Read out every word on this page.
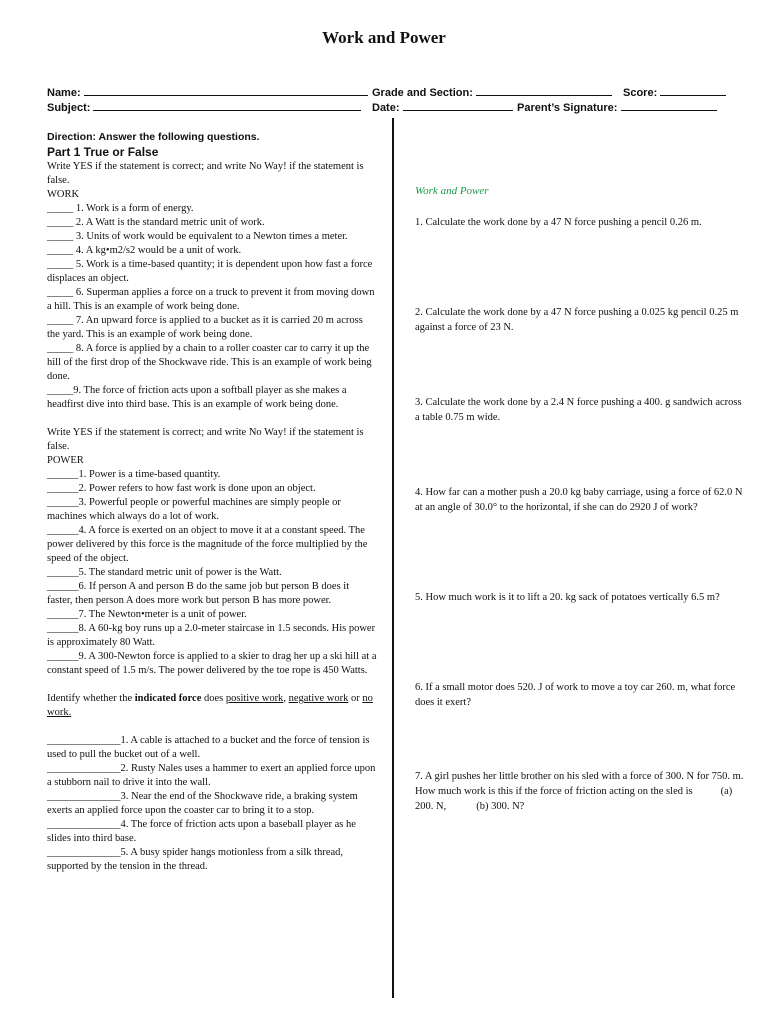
Work and Power
Name:	Grade and Section:	Score:
Subject:	Date:	Parent’s Signature:

Direction: Answer the following questions.

Part 1 True or False

Write YES if the statement is correct; and write No Way! if the statement is false.

WORK

_____ 1. Work is a form of energy.

_____ 2. A Watt is the standard metric unit of work.

_____ 3. Units of work would be equivalent to a Newton times a meter.

_____ 4. A kg•m2/s2 would be a unit of work.

_____ 5. Work is a time-based quantity; it is dependent upon how fast a force displaces an object.

_____ 6. Superman applies a force on a truck to prevent it from moving down a hill. This is an example of work being done.

_____ 7. An upward force is applied to a bucket as it is carried 20 m across the yard. This is an example of work being done.

_____ 8. A force is applied by a chain to a roller coaster car to carry it up the hill of the first drop of the Shockwave ride. This is an example of work being done.

_____9. The force of friction acts upon a softball player as she makes a headfirst dive into third base. This is an example of work being done.

Write YES if the statement is correct; and write No Way! if the statement is false.

POWER

______1. Power is a time-based quantity.

______2. Power refers to how fast work is done upon an object.

______3. Powerful people or powerful machines are simply people or machines which always do a lot of work.

______4. A force is exerted on an object to move it at a constant speed. The power delivered by this force is the magnitude of the force multiplied by the speed of the object.

______5. The standard metric unit of power is the Watt.

______6. If person A and person B do the same job but person B does it faster, then person A does more work but person B has more power.

______7. The Newton•meter is a unit of power.

______8. A 60-kg boy runs up a 2.0-meter staircase in 1.5 seconds. His power is approximately 80 Watt.

______9. A 300-Newton force is applied to a skier to drag her up a ski hill at a constant speed of 1.5 m/s. The power delivered by the toe rope is 450 Watts.

Identify whether the indicated force does positive work, negative work or no work.

______________1. A cable is attached to a bucket and the force of tension is used to pull the bucket out of a well.

______________2. Rusty Nales uses a hammer to exert an applied force upon a stubborn nail to drive it into the wall.

______________3. Near the end of the Shockwave ride, a braking system exerts an applied force upon the coaster car to bring it to a stop.

______________4. The force of friction acts upon a baseball player as he slides into third base.

______________5. A busy spider hangs motionless from a silk thread, supported by the tension in the thread.

Work and Power

1. Calculate the work done by a 47 N force pushing a pencil 0.26 m.

2. Calculate the work done by a 47 N force pushing a 0.025 kg pencil 0.25 m against a force of 23 N.

3. Calculate the work done by a 2.4 N force pushing a 400. g sandwich across a table 0.75 m wide.

4. How far can a mother push a 20.0 kg baby carriage, using a force of 62.0 N at an angle of 30.0° to the horizontal, if she can do 2920 J of work?

5. How much work is it to lift a 20. kg sack of potatoes vertically 6.5 m?

6. If a small motor does 520. J of work to move a toy car 260. m, what force does it exert?

7. A girl pushes her little brother on his sled with a force of 300. N for 750. m. How much work is this if the force of friction acting on the sled is	(a) 200. N,	(b) 300. N?
